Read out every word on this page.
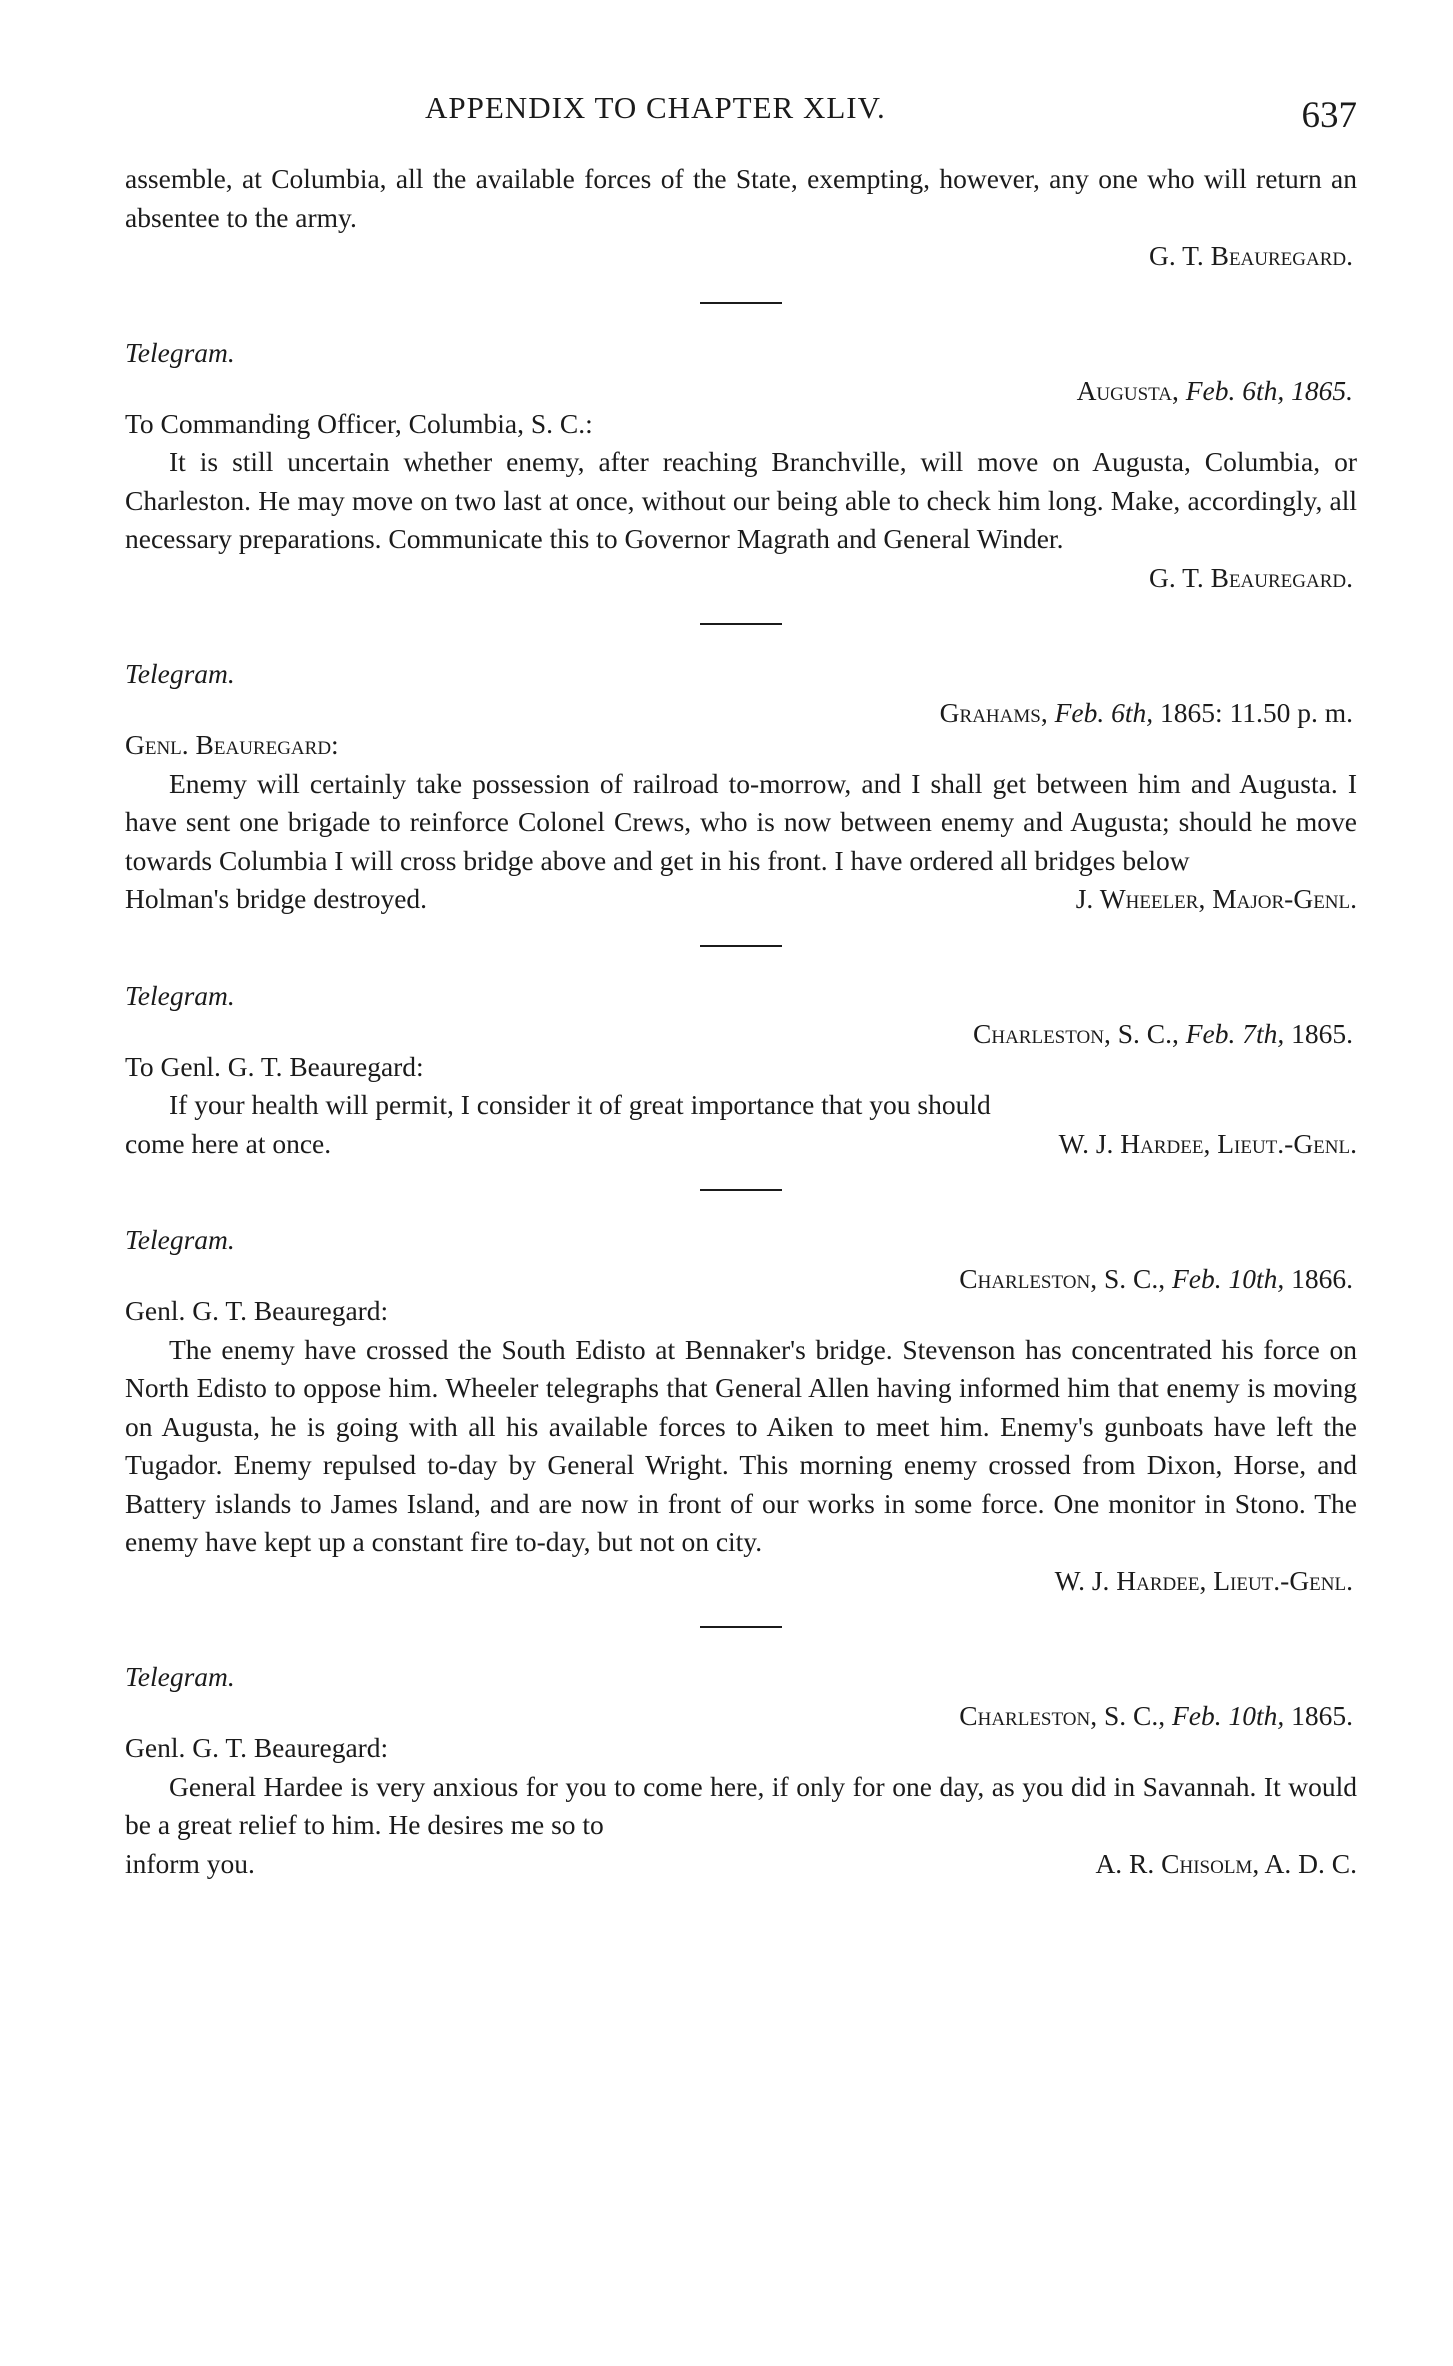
APPENDIX TO CHAPTER XLIV.	637

assemble, at Columbia, all the available forces of the State, exempting, however, any one who will return an absentee to the army.

G. T. Beauregard.

Telegram.

Augusta, Feb. 6th, 1865.

To Commanding Officer, Columbia, S. C.:

It is still uncertain whether enemy, after reaching Branchville, will move on Augusta, Columbia, or Charleston. He may move on two last at once, without our being able to check him long. Make, accordingly, all necessary preparations. Communicate this to Governor Magrath and General Winder.

G. T. Beauregard.

Telegram.

Grahams, Feb. 6th, 1865: 11.50 p. m.

Genl. Beauregard:

Enemy will certainly take possession of railroad to-morrow, and I shall get between him and Augusta. I have sent one brigade to reinforce Colonel Crews, who is now between enemy and Augusta; should he move towards Columbia I will cross bridge above and get in his front. I have ordered all bridges below

Holman's bridge destroyed.	J. Wheeler, Major-Genl.

Telegram.

Charleston, S. C., Feb. 7th, 1865.

To Genl. G. T. Beauregard:

If your health will permit, I consider it of great importance that you should

come here at once.	W. J. Hardee, Lieut.-Genl.

Telegram.

Charleston, S. C., Feb. 10th, 1866.

Genl. G. T. Beauregard:

The enemy have crossed the South Edisto at Bennaker's bridge. Stevenson has concentrated his force on North Edisto to oppose him. Wheeler telegraphs that General Allen having informed him that enemy is moving on Augusta, he is going with all his available forces to Aiken to meet him. Enemy's gunboats have left the Tugador. Enemy repulsed to-day by General Wright. This morning enemy crossed from Dixon, Horse, and Battery islands to James Island, and are now in front of our works in some force. One monitor in Stono. The enemy have kept up a constant fire to-day, but not on city.

W. J. Hardee, Lieut.-Genl.

Telegram.

Charleston, S. C., Feb. 10th, 1865.

Genl. G. T. Beauregard:

General Hardee is very anxious for you to come here, if only for one day, as you did in Savannah. It would be a great relief to him. He desires me so to

inform you.	A. R. Chisolm, A. D. C.
